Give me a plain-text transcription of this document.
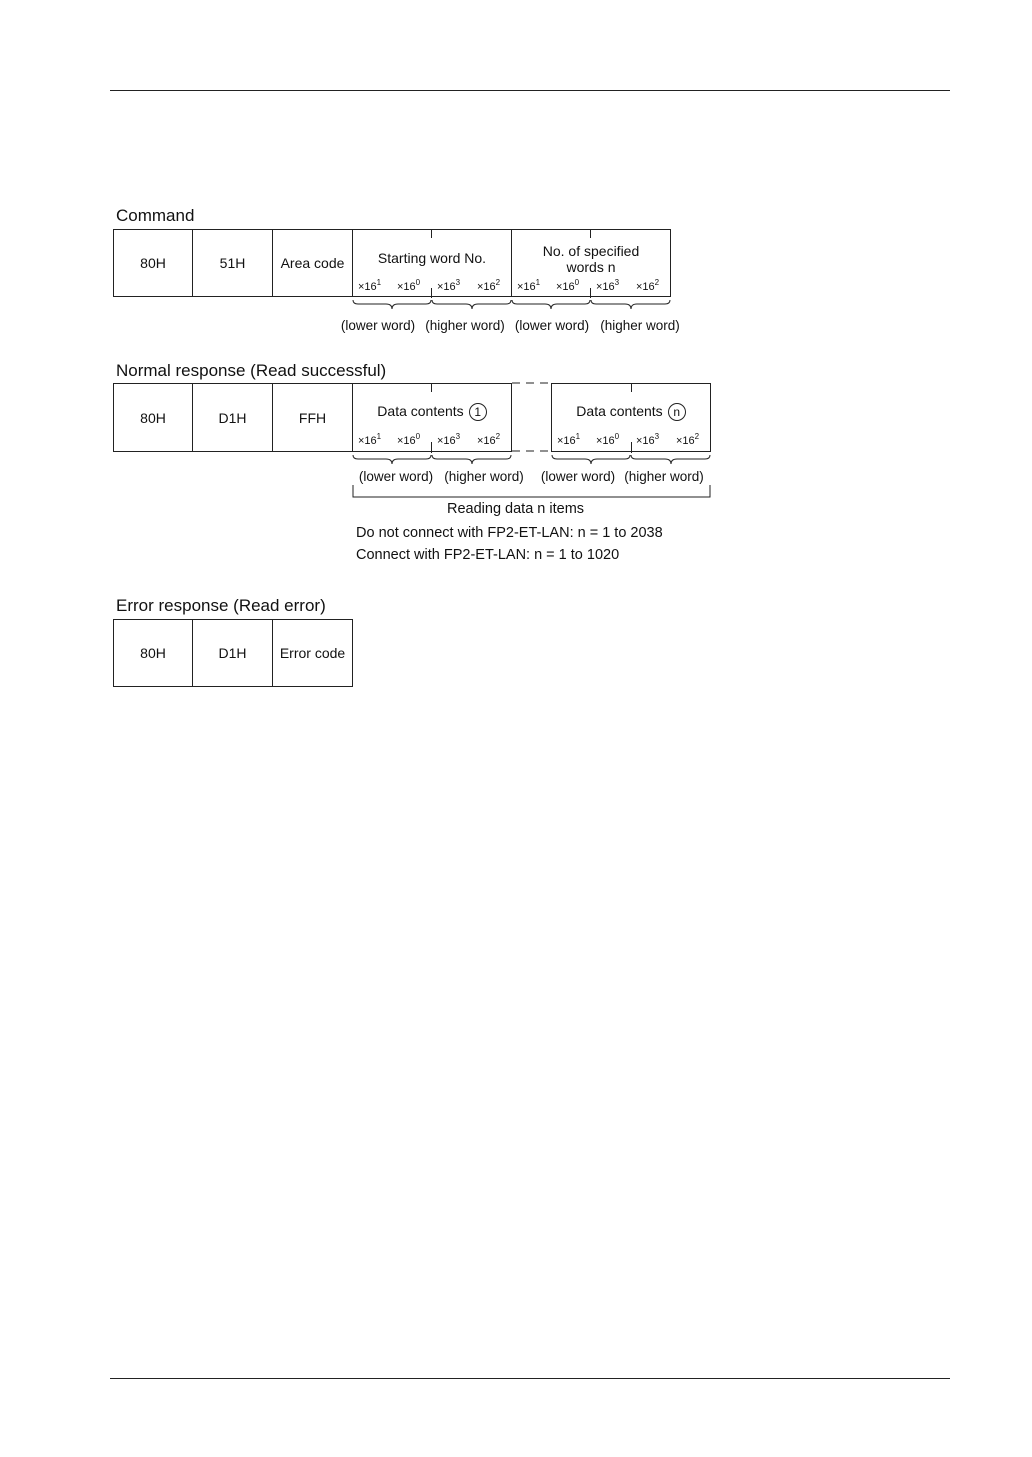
Command
80H	51H	Area code	Starting word No.	No. of specified
words n
$\times 16^1 \times 16^0 \times 16^3 \times 16^2 \times 16^1 \times 16^0 \times 16^3 \times 16^2$
(lower word) (higher word) (lower word) (higher word)
Normal response (Read successful)
80H	D1H	FFH	Data contents 1	Data contents n
$\times 16^1 \times 16^0 \times 16^3 \times 16^2$	$\times 16^1 \times 16^0 \times 16^3 \times 16^2$
(lower word) (higher word) (lower word) (higher word)
Reading data n items
Do not connect with FP2-ET-LAN: n = 1 to 2038
Connect with FP2-ET-LAN: n = 1 to 1020
Error response (Read error)
80H	D1H	Error code
